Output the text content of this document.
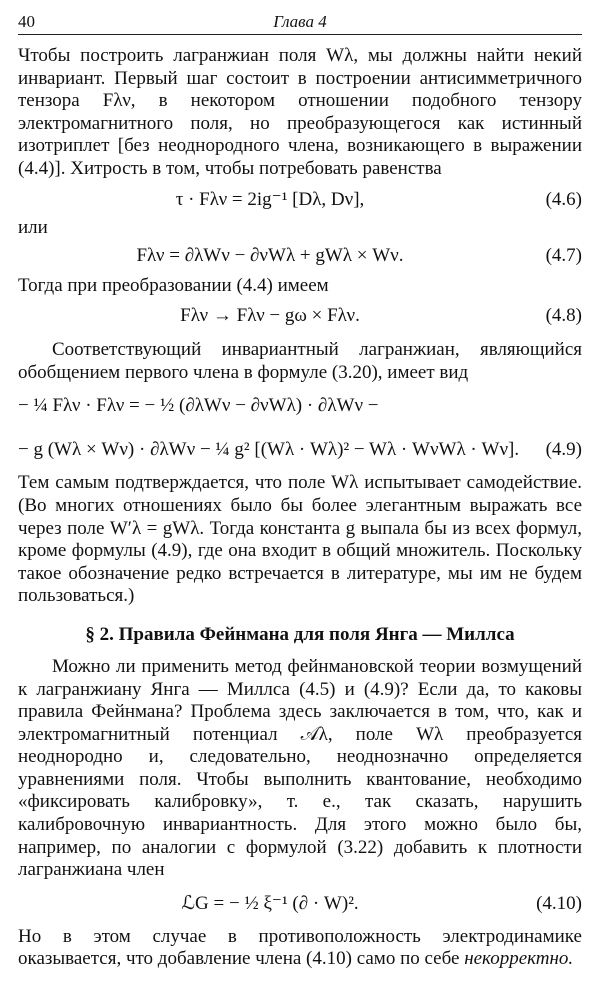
40	Глава 4

Чтобы построить лагранжиан поля Wλ, мы должны найти некий инвариант. Первый шаг состоит в построении антисимметричного тензора Fλν, в некотором отношении подобного тензору электромагнитного поля, но преобразующегося как истинный изотриплет [без неоднородного члена, возникающего в выражении (4.4)]. Хитрость в том, чтобы потребовать равенства

τ · Fλν = 2ig⁻¹ [Dλ, Dν],	(4.6)

или

Fλν = ∂λWν − ∂νWλ + gWλ × Wν.	(4.7)

Тогда при преобразовании (4.4) имеем

Fλν → Fλν − gω × Fλν.	(4.8)

Соответствующий инвариантный лагранжиан, являющийся обобщением первого члена в формуле (3.20), имеет вид

− ¼ Fλν · Fλν = − ½ (∂λWν − ∂νWλ) · ∂λWν −
− g (Wλ × Wν) · ∂λWν − ¼ g² [(Wλ · Wλ)² − Wλ · WνWλ · Wν]. (4.9)

Тем самым подтверждается, что поле Wλ испытывает самодействие. (Во многих отношениях было бы более элегантным выражать все через поле W′λ = gWλ. Тогда константа g выпала бы из всех формул, кроме формулы (4.9), где она входит в общий множитель. Поскольку такое обозначение редко встречается в литературе, мы им не будем пользоваться.)

§ 2. Правила Фейнмана для поля Янга — Миллса

Можно ли применить метод фейнмановской теории возмущений к лагранжиану Янга — Миллса (4.5) и (4.9)? Если да, то каковы правила Фейнмана? Проблема здесь заключается в том, что, как и электромагнитный потенциал 𝒜λ, поле Wλ преобразуется неоднородно и, следовательно, неоднозначно определяется уравнениями поля. Чтобы выполнить квантование, необходимо «фиксировать калибровку», т. е., так сказать, нарушить калибровочную инвариантность. Для этого можно было бы, например, по аналогии с формулой (3.22) добавить к плотности лагранжиана член

ℒG = − ½ ξ⁻¹ (∂ · W)².	(4.10)

Но в этом случае в противоположность электродинамике оказывается, что добавление члена (4.10) само по себе некорректно.
